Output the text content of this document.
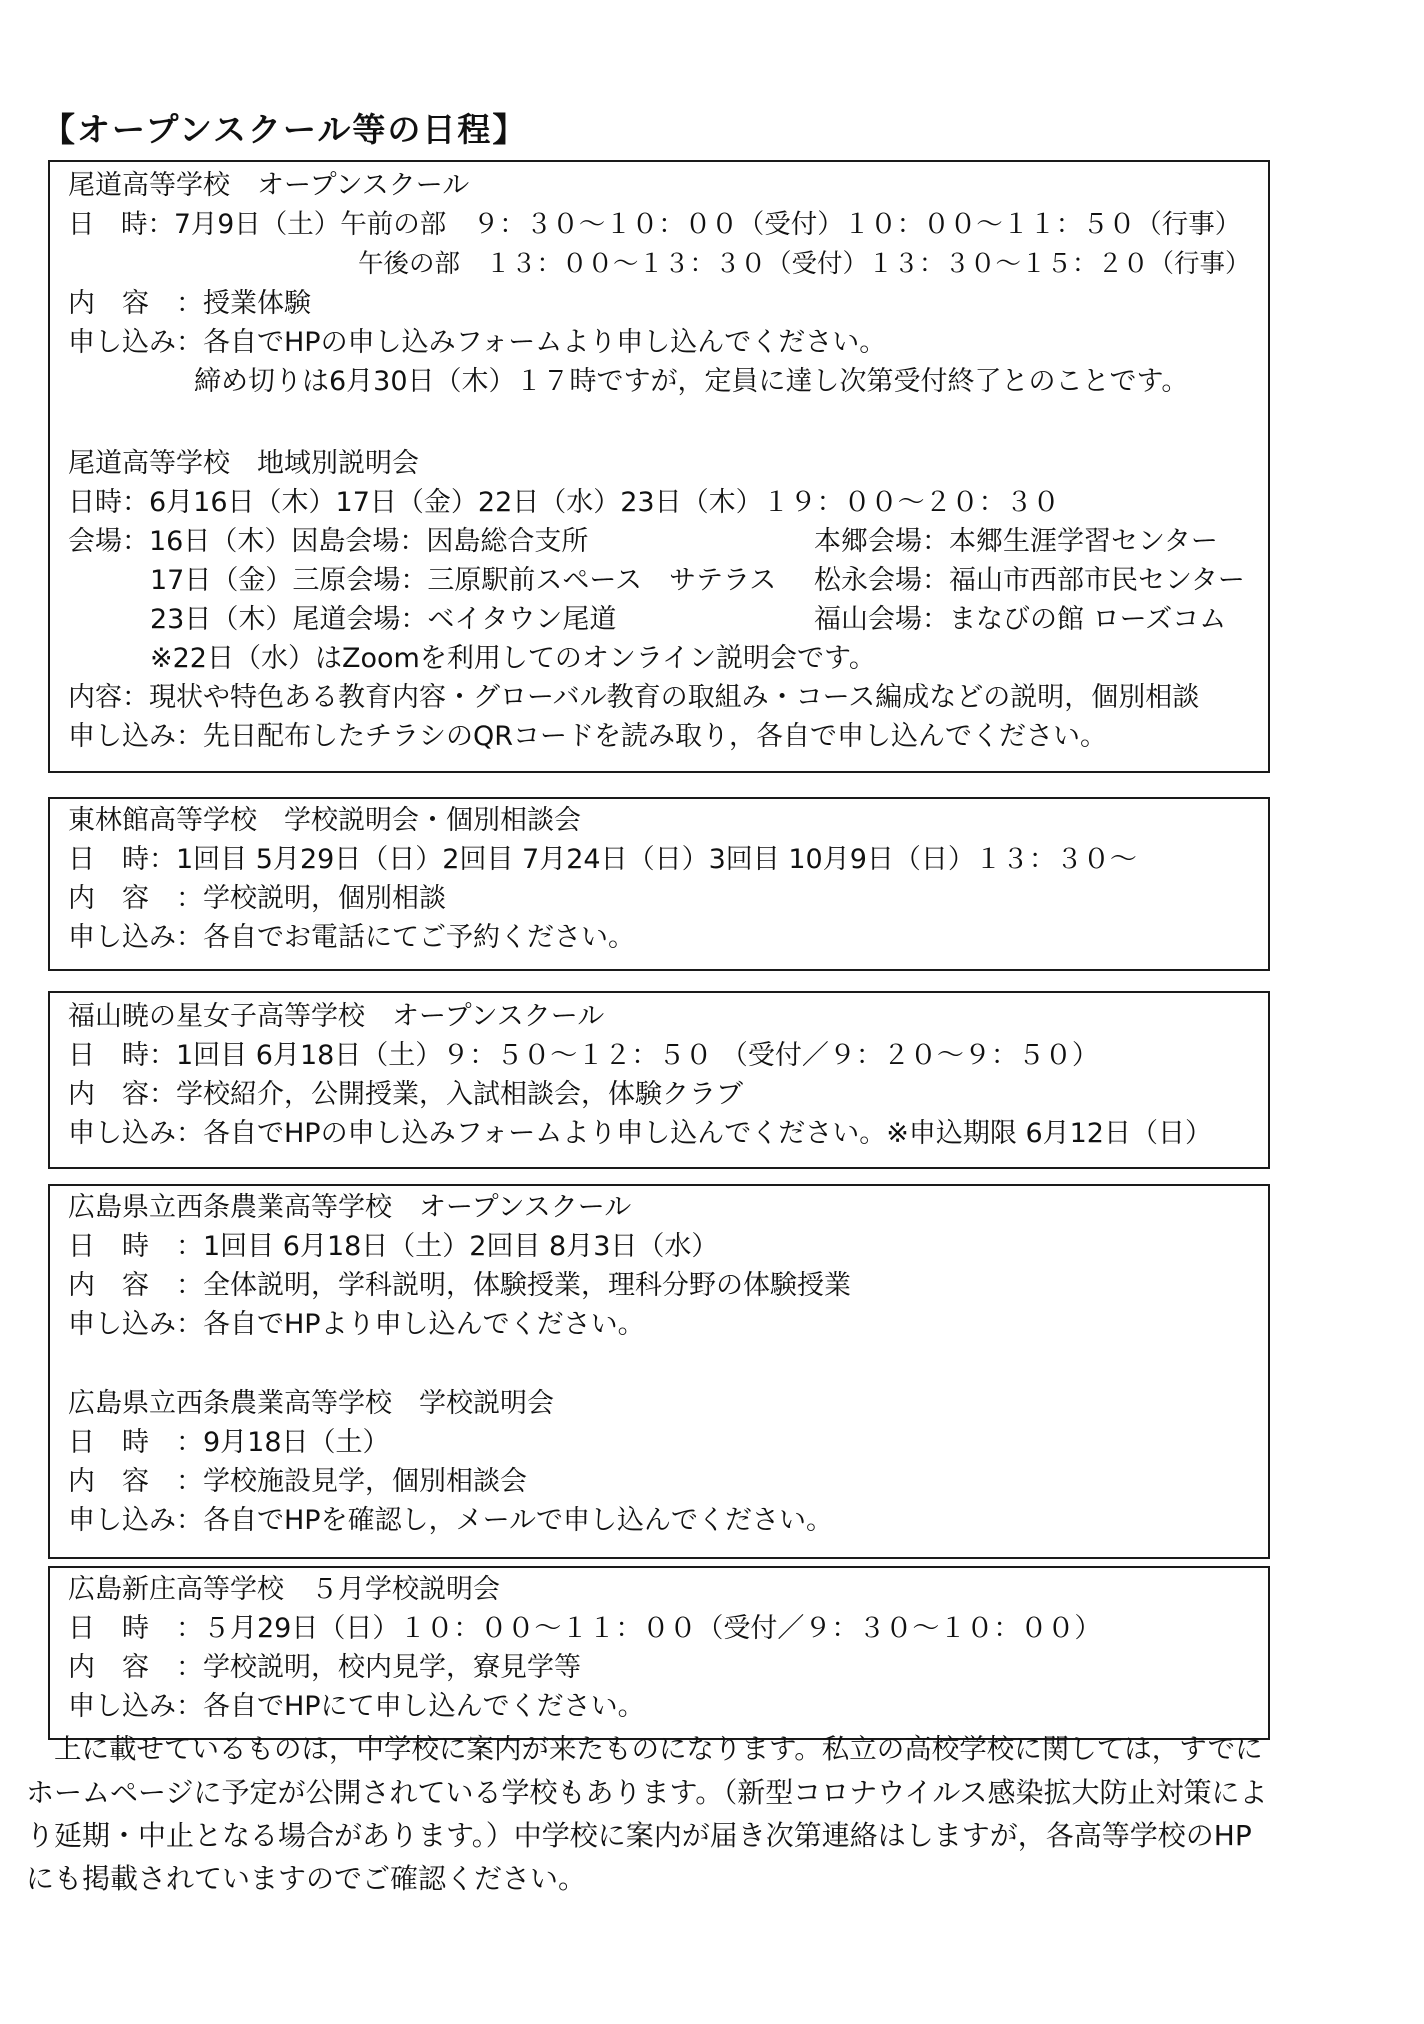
【オープンスクール等の日程】
尾道高等学校　オープンスクール
日　時：7月9日（土）午前の部　９：３０～１０：００（受付）１０：００～１１：５０（行事）
午後の部　１３：００～１３：３０（受付）１３：３０～１５：２０（行事）
内　容　：授業体験
申し込み：各自でHPの申し込みフォームより申し込んでください。
締め切りは6月30日（木）１７時ですが，定員に達し次第受付終了とのことです。
尾道高等学校　地域別説明会
日時：6月16日（木）17日（金）22日（水）23日（木）１９：００～２０：３０
会場：16日（木）因島会場：因島総合支所	本郷会場：本郷生涯学習センター
17日（金）三原会場：三原駅前スペース　サテラス 松永会場：福山市西部市民センター
23日（木）尾道会場：ベイタウン尾道	福山会場：まなびの館 ローズコム
※22日（水）はZoomを利用してのオンライン説明会です。
内容：現状や特色ある教育内容・グローバル教育の取組み・コース編成などの説明，個別相談
申し込み：先日配布したチラシのQRコードを読み取り，各自で申し込んでください。
東林館高等学校　学校説明会・個別相談会
日　時：1回目 5月29日（日）2回目 7月24日（日）3回目 10月9日（日）１３：３０～
内　容　：学校説明，個別相談
申し込み：各自でお電話にてご予約ください。
福山暁の星女子高等学校　オープンスクール
日　時：1回目 6月18日（土）９：５０～１２：５０ （受付／９：２０～９：５０）
内　容：学校紹介，公開授業，入試相談会，体験クラブ
申し込み：各自でHPの申し込みフォームより申し込んでください。※申込期限 6月12日（日）
広島県立西条農業高等学校　オープンスクール
日　時　：1回目 6月18日（土）2回目 8月3日（水）
内　容　：全体説明，学科説明，体験授業，理科分野の体験授業
申し込み：各自でHPより申し込んでください。
広島県立西条農業高等学校　学校説明会
日　時　：9月18日（土）
内　容　：学校施設見学，個別相談会
申し込み：各自でHPを確認し，メールで申し込んでください。
広島新庄高等学校　５月学校説明会
日　時　：５月29日（日）１０：００～１１：００（受付／９：３０～１０：００）
内　容　：学校説明，校内見学，寮見学等
申し込み：各自でHPにて申し込んでください。

上に載せているものは，中学校に案内が来たものになります。私立の高校学校に関しては，すでに

ホームページに予定が公開されている学校もあります。（新型コロナウイルス感染拡大防止対策によ

り延期・中止となる場合があります。）中学校に案内が届き次第連絡はしますが，各高等学校のHP

にも掲載されていますのでご確認ください。
